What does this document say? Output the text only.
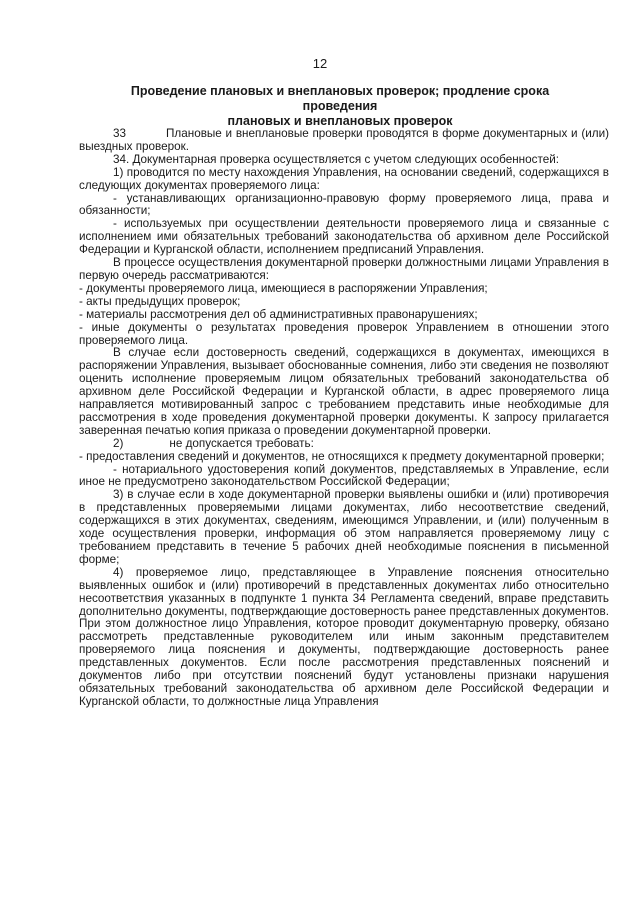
12
Проведение плановых и внеплановых проверок; продление срока проведения
плановых и внеплановых проверок

33	Плановые и внеплановые проверки проводятся в форме документарных и (или) выездных проверок.

34. Документарная проверка осуществляется с учетом следующих особенностей:

1) проводится по месту нахождения Управления, на основании сведений, содержащихся в следующих документах проверяемого лица:

- устанавливающих организационно-правовую форму проверяемого лица, права и обязанности;

- используемых при осуществлении деятельности проверяемого лица и связанные с исполнением ими обязательных требований законодательства об архивном деле Российской Федерации и Курганской области, исполнением предписаний Управления.

В процессе осуществления документарной проверки должностными лицами Управления в первую очередь рассматриваются:

- документы проверяемого лица, имеющиеся в распоряжении Управления;

- акты предыдущих проверок;

- материалы рассмотрения дел об административных правонарушениях;

- иные документы о результатах проведения проверок Управлением в отношении этого проверяемого лица.

В случае если достоверность сведений, содержащихся в документах, имеющихся в распоряжении Управления, вызывает обоснованные сомнения, либо эти сведения не позволяют оценить исполнение проверяемым лицом обязательных требований законодательства об архивном деле Российской Федерации и Курганской области, в адрес проверяемого лица направляется мотивированный запрос с требованием представить иные необходимые для рассмотрения в ходе проведения документарной проверки документы. К запросу прилагается заверенная печатью копия приказа о проведении документарной проверки.

2)	не допускается требовать:

- предоставления сведений и документов, не относящихся к предмету документарной проверки;

- нотариального удостоверения копий документов, представляемых в Управление, если иное не предусмотрено законодательством Российской Федерации;

3) в случае если в ходе документарной проверки выявлены ошибки и (или) противоречия в представленных проверяемыми лицами документах, либо несоответствие сведений, содержащихся в этих документах, сведениям, имеющимся Управлении, и (или) полученным в ходе осуществления проверки, информация об этом направляется проверяемому лицу с требованием представить в течение 5 рабочих дней необходимые пояснения в письменной форме;

4) проверяемое лицо, представляющее в Управление пояснения относительно выявленных ошибок и (или) противоречий в представленных документах либо относительно несоответствия указанных в подпункте 1 пункта 34 Регламента сведений, вправе представить дополнительно документы, подтверждающие достоверность ранее представленных документов. При этом должностное лицо Управления, которое проводит документарную проверку, обязано рассмотреть представленные руководителем или иным законным представителем проверяемого лица пояснения и документы, подтверждающие достоверность ранее представленных документов. Если после рассмотрения представленных пояснений и документов либо при отсутствии пояснений будут установлены признаки нарушения обязательных требований законодательства об архивном деле Российской Федерации и Курганской области, то должностные лица Управления
